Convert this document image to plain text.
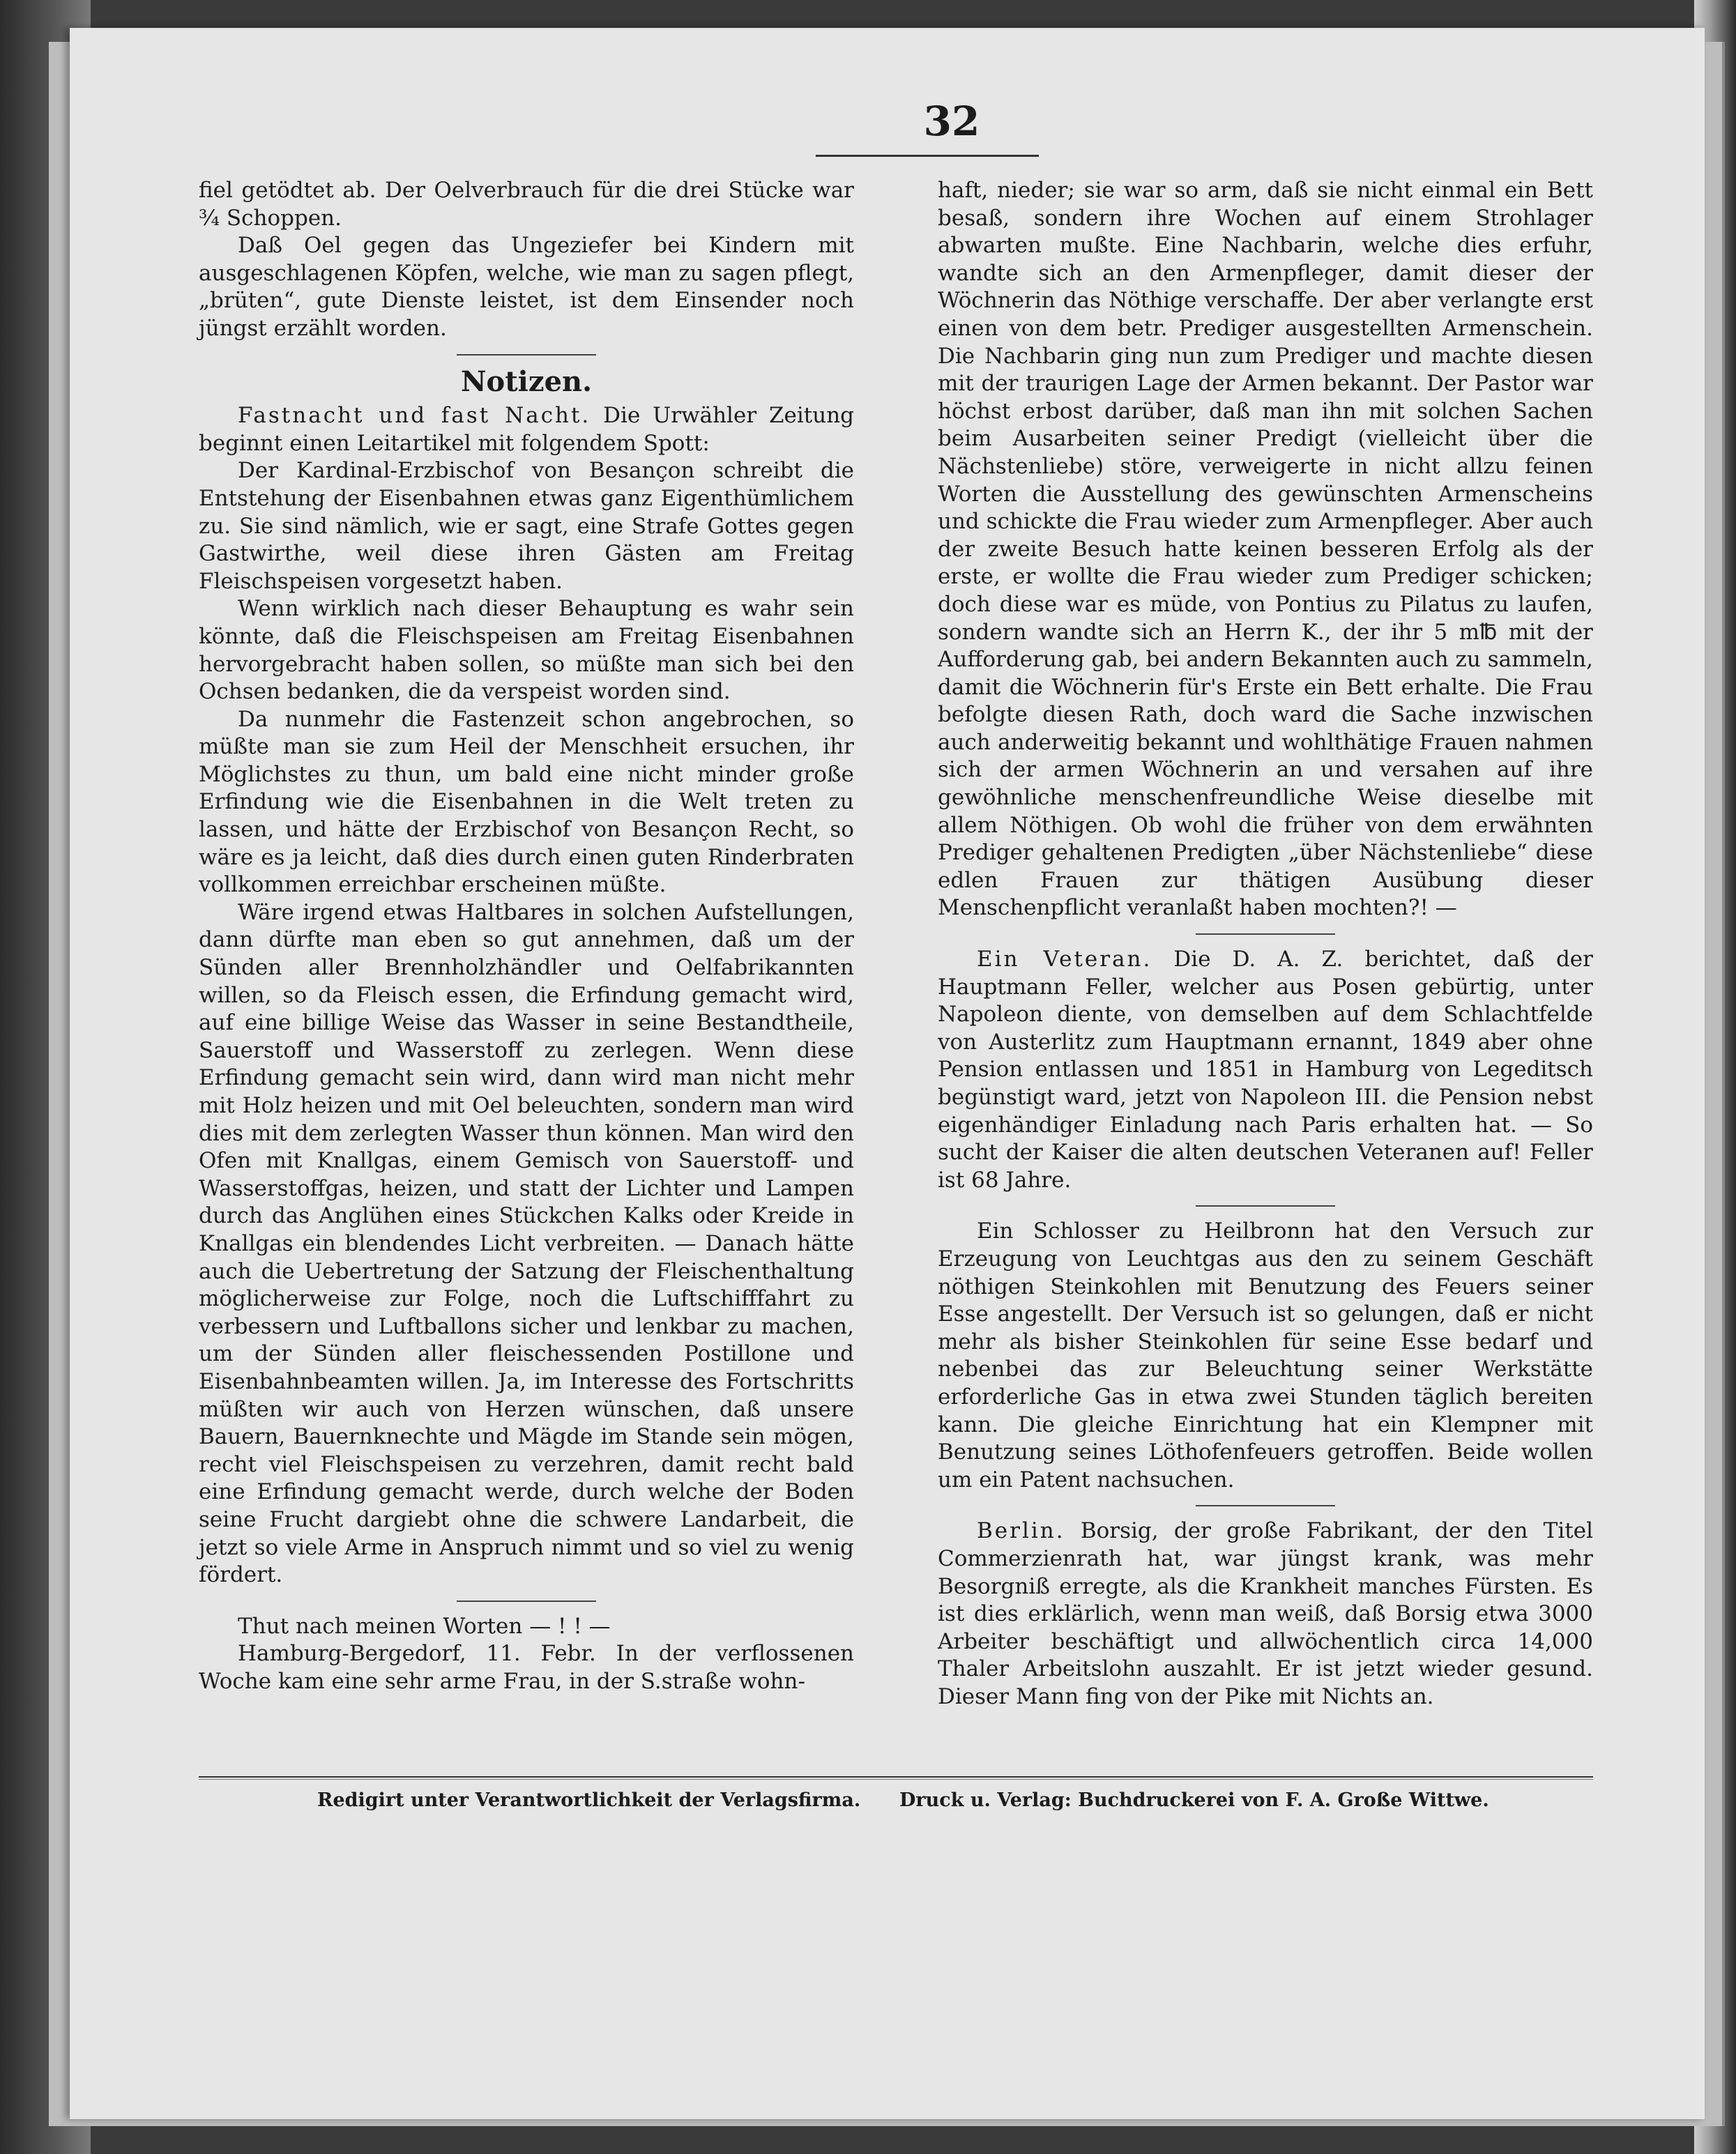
32

fiel getödtet ab. Der Oelverbrauch für die drei Stücke war ¾ Schoppen.

Daß Oel gegen das Ungeziefer bei Kindern mit ausgeschlagenen Köpfen, welche, wie man zu sagen pflegt, „brüten“, gute Dienste leistet, ist dem Einsender noch jüngst erzählt worden.

Notizen.

Fastnacht und fast Nacht. Die Urwähler Zeitung beginnt einen Leitartikel mit folgendem Spott:

Der Kardinal-Erzbischof von Besançon schreibt die Entstehung der Eisenbahnen etwas ganz Eigenthümlichem zu. Sie sind nämlich, wie er sagt, eine Strafe Gottes gegen Gastwirthe, weil diese ihren Gästen am Freitag Fleischspeisen vorgesetzt haben.

Wenn wirklich nach dieser Behauptung es wahr sein könnte, daß die Fleischspeisen am Freitag Eisenbahnen hervorgebracht haben sollen, so müßte man sich bei den Ochsen bedanken, die da verspeist worden sind.

Da nunmehr die Fastenzeit schon angebrochen, so müßte man sie zum Heil der Menschheit ersuchen, ihr Möglichstes zu thun, um bald eine nicht minder große Erfindung wie die Eisenbahnen in die Welt treten zu lassen, und hätte der Erzbischof von Besançon Recht, so wäre es ja leicht, daß dies durch einen guten Rinderbraten vollkommen erreichbar erscheinen müßte.

Wäre irgend etwas Haltbares in solchen Aufstellungen, dann dürfte man eben so gut annehmen, daß um der Sünden aller Brennholzhändler und Oelfabrikannten willen, so da Fleisch essen, die Erfindung gemacht wird, auf eine billige Weise das Wasser in seine Bestandtheile, Sauerstoff und Wasserstoff zu zerlegen. Wenn diese Erfindung gemacht sein wird, dann wird man nicht mehr mit Holz heizen und mit Oel beleuchten, sondern man wird dies mit dem zerlegten Wasser thun können. Man wird den Ofen mit Knallgas, einem Gemisch von Sauerstoff- und Wasserstoffgas, heizen, und statt der Lichter und Lampen durch das Anglühen eines Stückchen Kalks oder Kreide in Knallgas ein blendendes Licht verbreiten. — Danach hätte auch die Uebertretung der Satzung der Fleischenthaltung möglicherweise zur Folge, noch die Luftschifffahrt zu verbessern und Luftballons sicher und lenkbar zu machen, um der Sünden aller fleischessenden Postillone und Eisenbahnbeamten willen. Ja, im Interesse des Fortschritts müßten wir auch von Herzen wünschen, daß unsere Bauern, Bauernknechte und Mägde im Stande sein mögen, recht viel Fleischspeisen zu verzehren, damit recht bald eine Erfindung gemacht werde, durch welche der Boden seine Frucht dargiebt ohne die schwere Landarbeit, die jetzt so viele Arme in Anspruch nimmt und so viel zu wenig fördert.

Thut nach meinen Worten — ! ! —

Hamburg-Bergedorf, 11. Febr. In der verflossenen Woche kam eine sehr arme Frau, in der S.straße wohn-

haft, nieder; sie war so arm, daß sie nicht einmal ein Bett besaß, sondern ihre Wochen auf einem Strohlager abwarten mußte. Eine Nachbarin, welche dies erfuhr, wandte sich an den Armenpfleger, damit dieser der Wöchnerin das Nöthige verschaffe. Der aber verlangte erst einen von dem betr. Prediger ausgestellten Armenschein. Die Nachbarin ging nun zum Prediger und machte diesen mit der traurigen Lage der Armen bekannt. Der Pastor war höchst erbost darüber, daß man ihn mit solchen Sachen beim Ausarbeiten seiner Predigt (vielleicht über die Nächstenliebe) störe, verweigerte in nicht allzu feinen Worten die Ausstellung des gewünschten Armenscheins und schickte die Frau wieder zum Armenpfleger. Aber auch der zweite Besuch hatte keinen besseren Erfolg als der erste, er wollte die Frau wieder zum Prediger schicken; doch diese war es müde, von Pontius zu Pilatus zu laufen, sondern wandte sich an Herrn K., der ihr 5 m℔ mit der Aufforderung gab, bei andern Bekannten auch zu sammeln, damit die Wöchnerin für's Erste ein Bett erhalte. Die Frau befolgte diesen Rath, doch ward die Sache inzwischen auch anderweitig bekannt und wohlthätige Frauen nahmen sich der armen Wöchnerin an und versahen auf ihre gewöhnliche menschenfreundliche Weise dieselbe mit allem Nöthigen. Ob wohl die früher von dem erwähnten Prediger gehaltenen Predigten „über Nächstenliebe“ diese edlen Frauen zur thätigen Ausübung dieser Menschenpflicht veranlaßt haben mochten?! —

Ein Veteran. Die D. A. Z. berichtet, daß der Hauptmann Feller, welcher aus Posen gebürtig, unter Napoleon diente, von demselben auf dem Schlachtfelde von Austerlitz zum Hauptmann ernannt, 1849 aber ohne Pension entlassen und 1851 in Hamburg von Legeditsch begünstigt ward, jetzt von Napoleon III. die Pension nebst eigenhändiger Einladung nach Paris erhalten hat. — So sucht der Kaiser die alten deutschen Veteranen auf! Feller ist 68 Jahre.

Ein Schlosser zu Heilbronn hat den Versuch zur Erzeugung von Leuchtgas aus den zu seinem Geschäft nöthigen Steinkohlen mit Benutzung des Feuers seiner Esse angestellt. Der Versuch ist so gelungen, daß er nicht mehr als bisher Steinkohlen für seine Esse bedarf und nebenbei das zur Beleuchtung seiner Werkstätte erforderliche Gas in etwa zwei Stunden täglich bereiten kann. Die gleiche Einrichtung hat ein Klempner mit Benutzung seines Löthofenfeuers getroffen. Beide wollen um ein Patent nachsuchen.

Berlin. Borsig, der große Fabrikant, der den Titel Commerzienrath hat, war jüngst krank, was mehr Besorgniß erregte, als die Krankheit manches Fürsten. Es ist dies erklärlich, wenn man weiß, daß Borsig etwa 3000 Arbeiter beschäftigt und allwöchentlich circa 14,000 Thaler Arbeitslohn auszahlt. Er ist jetzt wieder gesund. Dieser Mann fing von der Pike mit Nichts an.

Redigirt unter Verantwortlichkeit der Verlagsfirma. Druck u. Verlag: Buchdruckerei von F. A. Große Wittwe.
